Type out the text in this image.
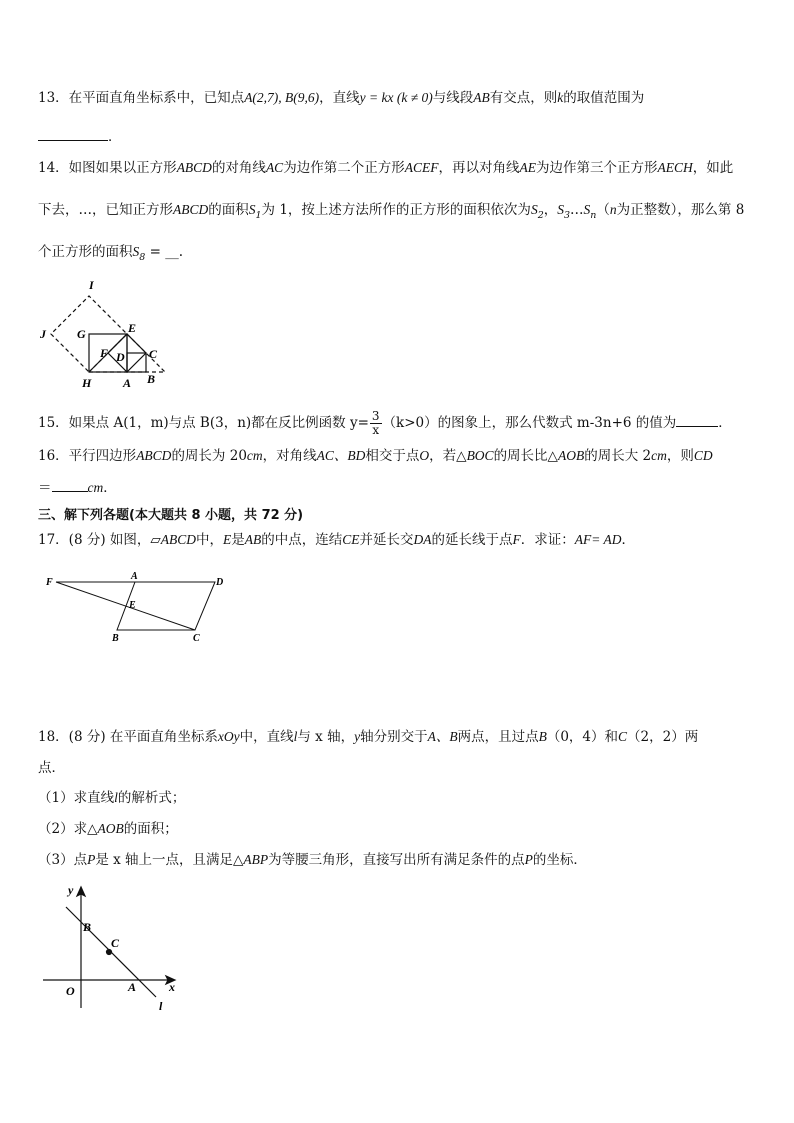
13．在平面直角坐标系中，已知点A(2,7), B(9,6)，直线y = kx (k ≠ 0)与线段AB有交点，则k的取值范围为
．
14．如图如果以正方形ABCD的对角线AC为边作第二个正方形ACEF，再以对角线AE为边作第三个正方形AECH，如此
下去，…，已知正方形ABCD的面积$S_1$为 1，按上述方法所作的正方形的面积依次为$S_2$，$S_3\dots S_n(n$为正整数），那么第 8
个正方形的面积$S_8$ = __.
I
J	G	E
F D C
H	A B
15．如果点 A(1，m)与点 B(3，n)都在反比例函数 $y= \frac{3}{x} (k>0)$的图象上，那么代数式 m-3n+6 的值为	．
16．平行四边形ABCD的周长为 20cm，对角线AC、BD相交于点O，若△BOC的周长比△AOB的周长大 2cm，则CD
＝	cm．
三、解下列各题(本大题共 8 小题，共 72 分)
17．(8 分) 如图，▱ABCD中，E是AB的中点，连结CE并延长交DA的延长线于点F．求证：AF= AD．
F
A
D
E
B	C
18．(8 分) 在平面直角坐标系xOy中，直线l与 x 轴，y轴分别交于A、B两点，且过点B（0，4）和C（2，2）两
点．
（1）求直线l的解析式；
（2）求△AOB的面积；
（3）点P是 x 轴上一点，且满足△ABP为等腰三角形，直接写出所有满足条件的点P的坐标．
y
x
O	A
B
C
l
